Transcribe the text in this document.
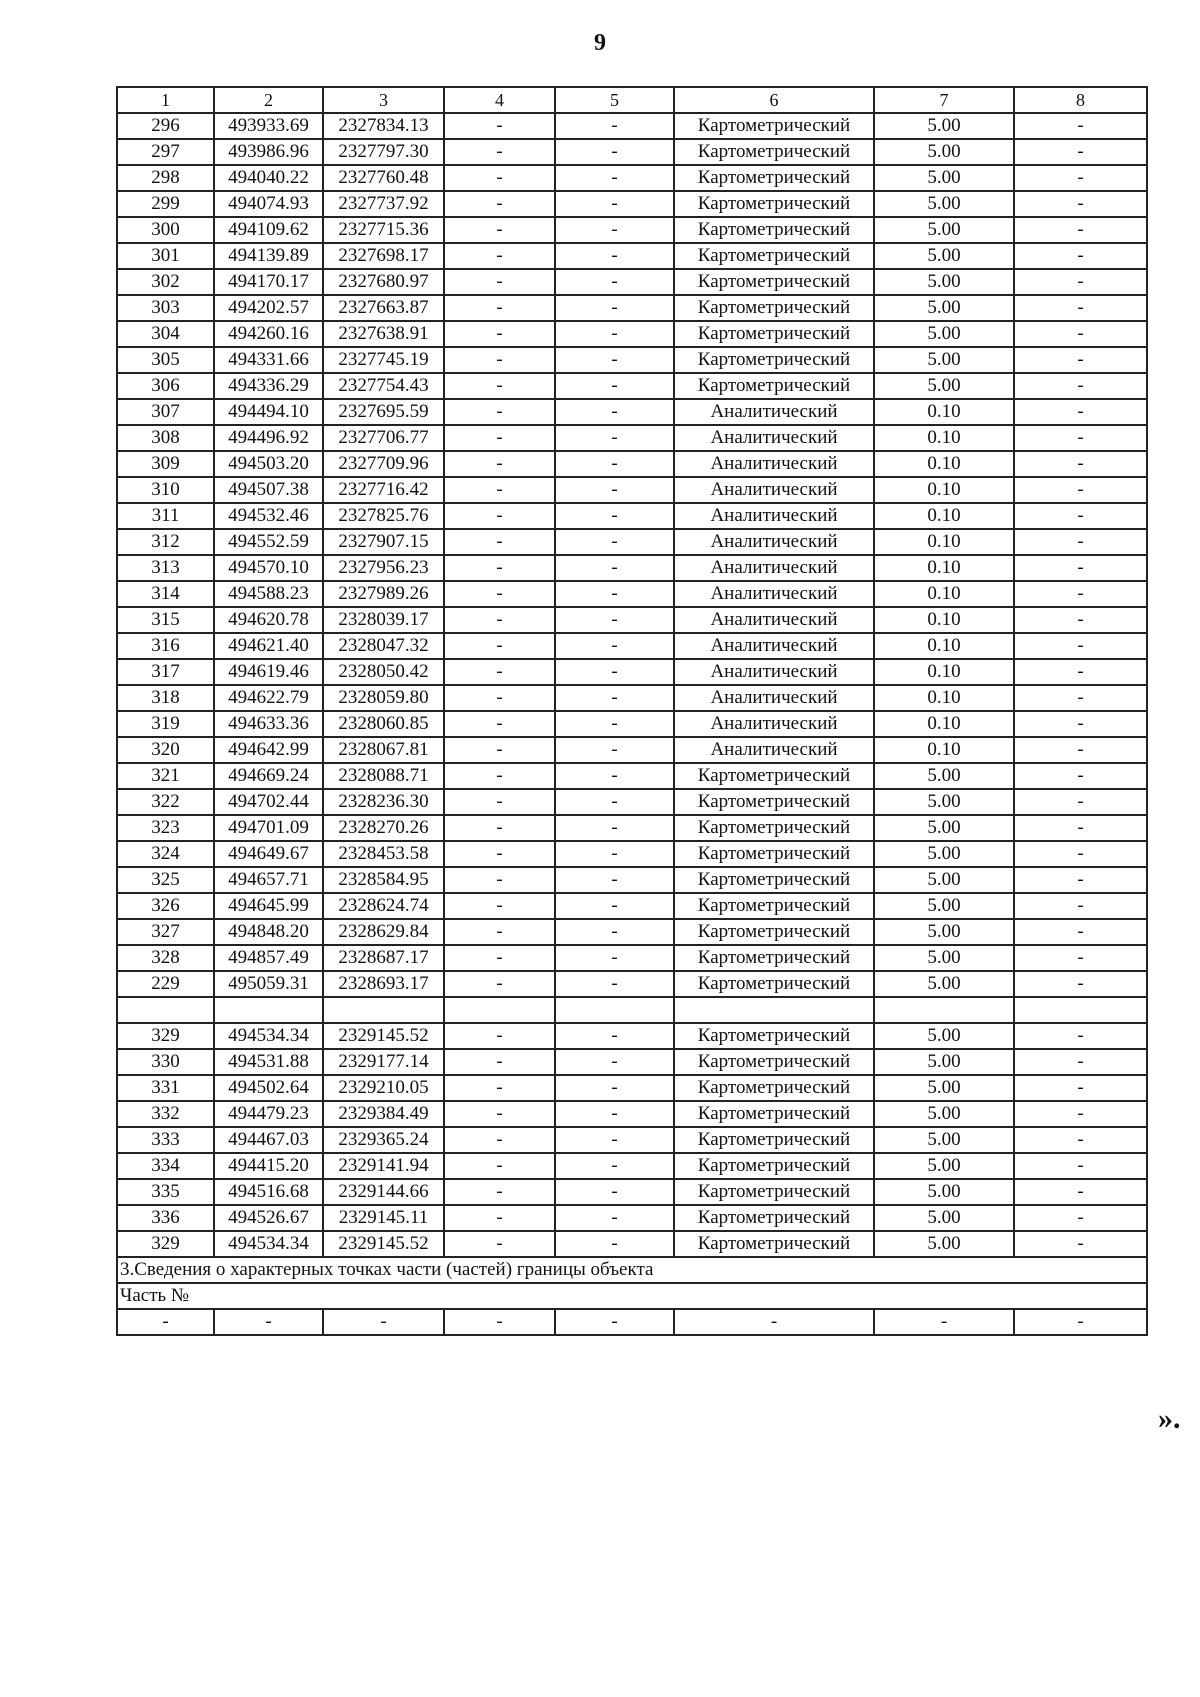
9
1	2	3	4	5	6	7	8
296	493933.69	2327834.13	-	-	Картометрический	5.00	-
297	493986.96	2327797.30	-	-	Картометрический	5.00	-
298	494040.22	2327760.48	-	-	Картометрический	5.00	-
299	494074.93	2327737.92	-	-	Картометрический	5.00	-
300	494109.62	2327715.36	-	-	Картометрический	5.00	-
301	494139.89	2327698.17	-	-	Картометрический	5.00	-
302	494170.17	2327680.97	-	-	Картометрический	5.00	-
303	494202.57	2327663.87	-	-	Картометрический	5.00	-
304	494260.16	2327638.91	-	-	Картометрический	5.00	-
305	494331.66	2327745.19	-	-	Картометрический	5.00	-
306	494336.29	2327754.43	-	-	Картометрический	5.00	-
307	494494.10	2327695.59	-	-	Аналитический	0.10	-
308	494496.92	2327706.77	-	-	Аналитический	0.10	-
309	494503.20	2327709.96	-	-	Аналитический	0.10	-
310	494507.38	2327716.42	-	-	Аналитический	0.10	-
311	494532.46	2327825.76	-	-	Аналитический	0.10	-
312	494552.59	2327907.15	-	-	Аналитический	0.10	-
313	494570.10	2327956.23	-	-	Аналитический	0.10	-
314	494588.23	2327989.26	-	-	Аналитический	0.10	-
315	494620.78	2328039.17	-	-	Аналитический	0.10	-
316	494621.40	2328047.32	-	-	Аналитический	0.10	-
317	494619.46	2328050.42	-	-	Аналитический	0.10	-
318	494622.79	2328059.80	-	-	Аналитический	0.10	-
319	494633.36	2328060.85	-	-	Аналитический	0.10	-
320	494642.99	2328067.81	-	-	Аналитический	0.10	-
321	494669.24	2328088.71	-	-	Картометрический	5.00	-
322	494702.44	2328236.30	-	-	Картометрический	5.00	-
323	494701.09	2328270.26	-	-	Картометрический	5.00	-
324	494649.67	2328453.58	-	-	Картометрический	5.00	-
325	494657.71	2328584.95	-	-	Картометрический	5.00	-
326	494645.99	2328624.74	-	-	Картометрический	5.00	-
327	494848.20	2328629.84	-	-	Картометрический	5.00	-
328	494857.49	2328687.17	-	-	Картометрический	5.00	-
229	495059.31	2328693.17	-	-	Картометрический	5.00	-

329	494534.34	2329145.52	-	-	Картометрический	5.00	-
330	494531.88	2329177.14	-	-	Картометрический	5.00	-
331	494502.64	2329210.05	-	-	Картометрический	5.00	-
332	494479.23	2329384.49	-	-	Картометрический	5.00	-
333	494467.03	2329365.24	-	-	Картометрический	5.00	-
334	494415.20	2329141.94	-	-	Картометрический	5.00	-
335	494516.68	2329144.66	-	-	Картометрический	5.00	-
336	494526.67	2329145.11	-	-	Картометрический	5.00	-
329	494534.34	2329145.52	-	-	Картометрический	5.00	-
3.Сведения о характерных точках части (частей) границы объекта							
Часть №							
-	-	-	-	-	-	-	-
».
